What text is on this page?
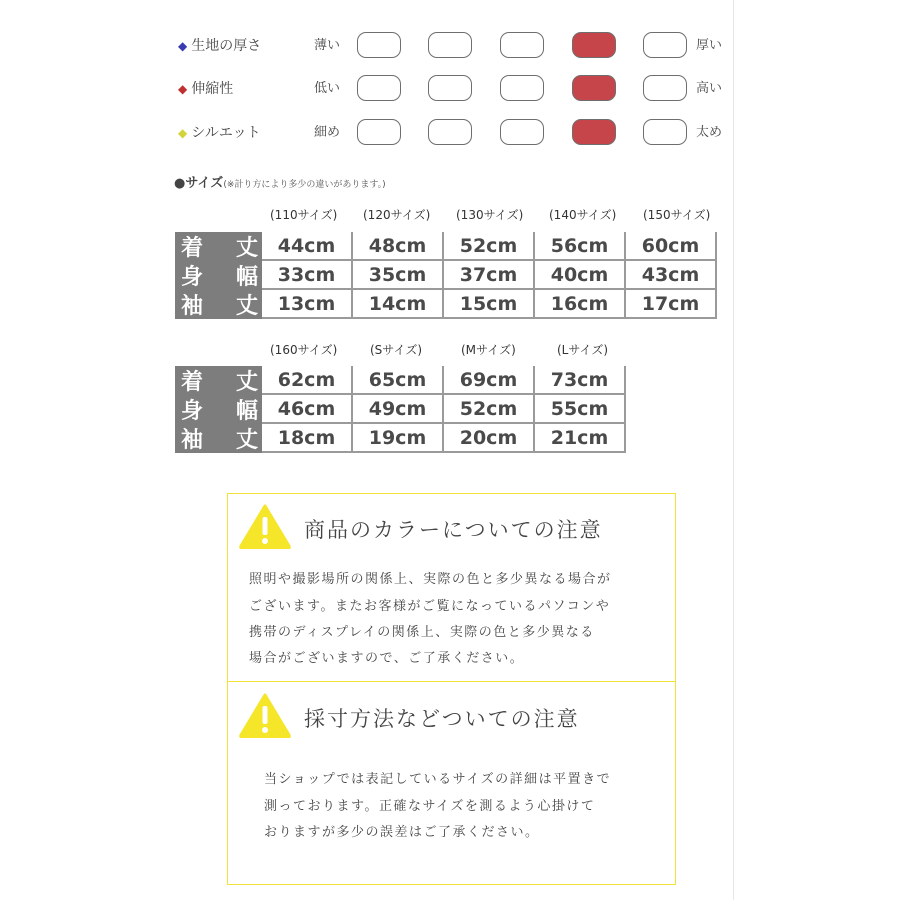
◆ 生地の厚さ	薄い	厚い
◆ 伸縮性	低い	高い
◆ シルエット	細め	太め
●サイズ(※計り方により多少の違いがあります。)
(110サイズ) (120サイズ) (130サイズ) (140サイズ) (150サイズ)
着 丈	44cm	48cm	52cm	56cm	60cm
身 幅	33cm	35cm	37cm	40cm	43cm
袖 丈	13cm	14cm	15cm	16cm	17cm
(160サイズ)	(Sサイズ)	(Mサイズ)	(Lサイズ)
着 丈	62cm	65cm	69cm	73cm
身 幅	46cm	49cm	52cm	55cm
袖 丈	18cm	19cm	20cm	21cm
商品のカラーについての注意
照明や撮影場所の関係上、実際の色と多少異なる場合が
ございます。またお客様がご覧になっているパソコンや
携帯のディスプレイの関係上、実際の色と多少異なる
場合がございますので、ご了承ください。
採寸方法などついての注意
当ショップでは表記しているサイズの詳細は平置きで
測っております。正確なサイズを測るよう心掛けて
おりますが多少の誤差はご了承ください。
